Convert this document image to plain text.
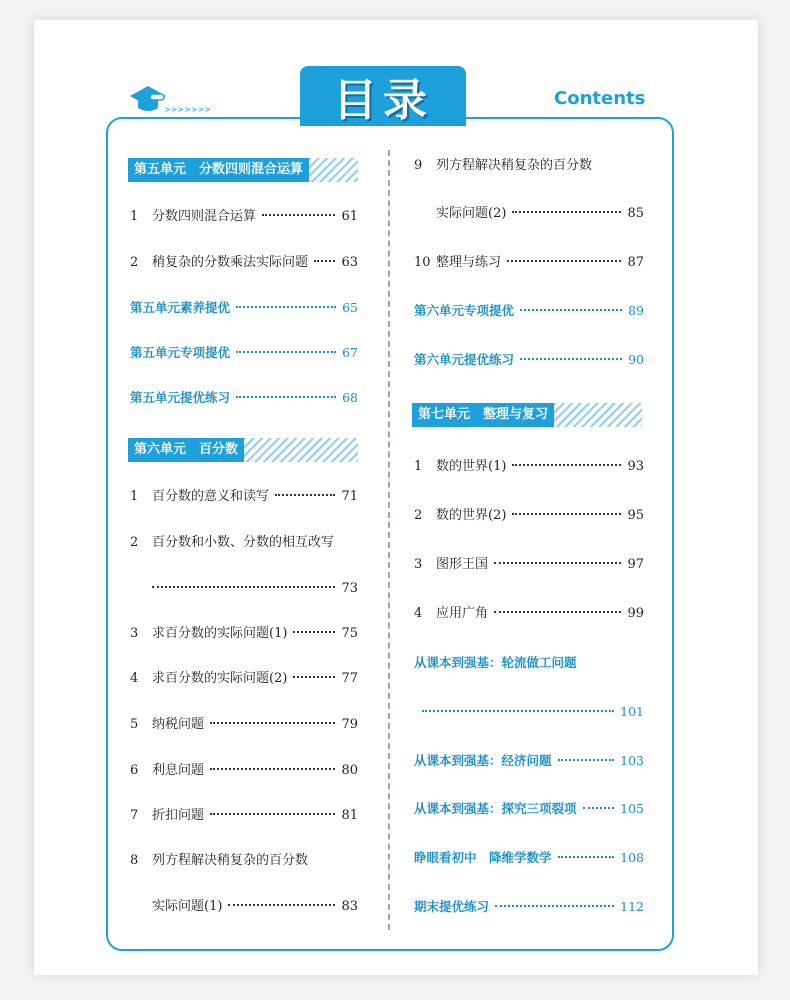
>>>>>>>	目录	Contents
第五单元　分数四则混合运算
1	分数四则混合运算	61
2	稍复杂的分数乘法实际问题	63
第五单元素养提优	65
第五单元专项提优	67
第五单元提优练习	68
第六单元　百分数
1	百分数的意义和读写	71
2 百分数和小数、分数的相互改写
73
3	求百分数的实际问题(1)	75
4	求百分数的实际问题(2)	77
5	纳税问题	79
6	利息问题	80
7	折扣问题	81
8 列方程解决稍复杂的百分数
实际问题(1)	83
9 列方程解决稍复杂的百分数
实际问题(2)	85
10 整理与练习	87
第六单元专项提优	89
第六单元提优练习	90
第七单元　整理与复习
1	数的世界(1)	93
2	数的世界(2)	95
3	图形王国	97
4	应用广角	99
从课本到强基：轮流做工问题
101
从课本到强基：经济问题	103
从课本到强基：探究三项裂项	105
睁眼看初中　降维学数学	108
期末提优练习	112
